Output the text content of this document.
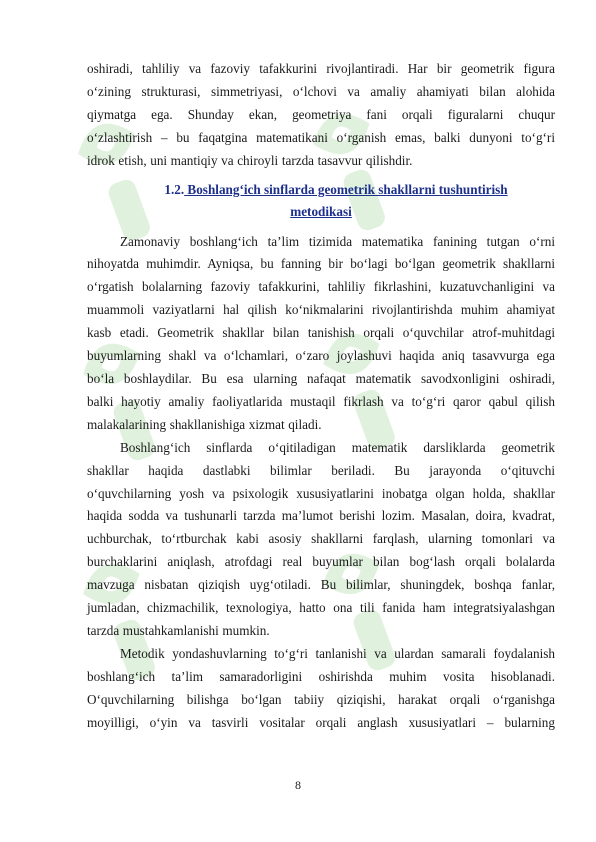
oshiradi, tahliliy va fazoviy tafakkurini rivojlantiradi. Har bir geometrik figura

o‘zining strukturasi, simmetriyasi, o‘lchovi va amaliy ahamiyati bilan alohida

qiymatga ega. Shunday ekan, geometriya fani orqali figuralarni chuqur

o‘zlashtirish – bu faqatgina matematikani o‘rganish emas, balki dunyoni to‘g‘ri

idrok etish, uni mantiqiy va chiroyli tarzda tasavvur qilishdir.

1.2. Boshlang‘ich sinflarda geometrik shakllarni tushuntirish
metodikasi

Zamonaviy boshlang‘ich ta’lim tizimida matematika fanining tutgan o‘rni

nihoyatda muhimdir. Ayniqsa, bu fanning bir bo‘lagi bo‘lgan geometrik shakllarni

o‘rgatish bolalarning fazoviy tafakkurini, tahliliy fikrlashini, kuzatuvchanligini va

muammoli vaziyatlarni hal qilish ko‘nikmalarini rivojlantirishda muhim ahamiyat

kasb etadi. Geometrik shakllar bilan tanishish orqali o‘quvchilar atrof-muhitdagi

buyumlarning shakl va o‘lchamlari, o‘zaro joylashuvi haqida aniq tasavvurga ega

bo‘la boshlaydilar. Bu esa ularning nafaqat matematik savodxonligini oshiradi,

balki hayotiy amaliy faoliyatlarida mustaqil fikrlash va to‘g‘ri qaror qabul qilish

malakalarining shakllanishiga xizmat qiladi.

Boshlang‘ich sinflarda o‘qitiladigan matematik darsliklarda geometrik

shakllar haqida dastlabki bilimlar beriladi. Bu jarayonda o‘qituvchi

o‘quvchilarning yosh va psixologik xususiyatlarini inobatga olgan holda, shakllar

haqida sodda va tushunarli tarzda ma’lumot berishi lozim. Masalan, doira, kvadrat,

uchburchak, to‘rtburchak kabi asosiy shakllarni farqlash, ularning tomonlari va

burchaklarini aniqlash, atrofdagi real buyumlar bilan bog‘lash orqali bolalarda

mavzuga nisbatan qiziqish uyg‘otiladi. Bu bilimlar, shuningdek, boshqa fanlar,

jumladan, chizmachilik, texnologiya, hatto ona tili fanida ham integratsiyalashgan

tarzda mustahkamlanishi mumkin.

Metodik yondashuvlarning to‘g‘ri tanlanishi va ulardan samarali foydalanish

boshlang‘ich ta’lim samaradorligini oshirishda muhim vosita hisoblanadi.

O‘quvchilarning bilishga bo‘lgan tabiiy qiziqishi, harakat orqali o‘rganishga

moyilligi, o‘yin va tasvirli vositalar orqali anglash xususiyatlari – bularning

8
